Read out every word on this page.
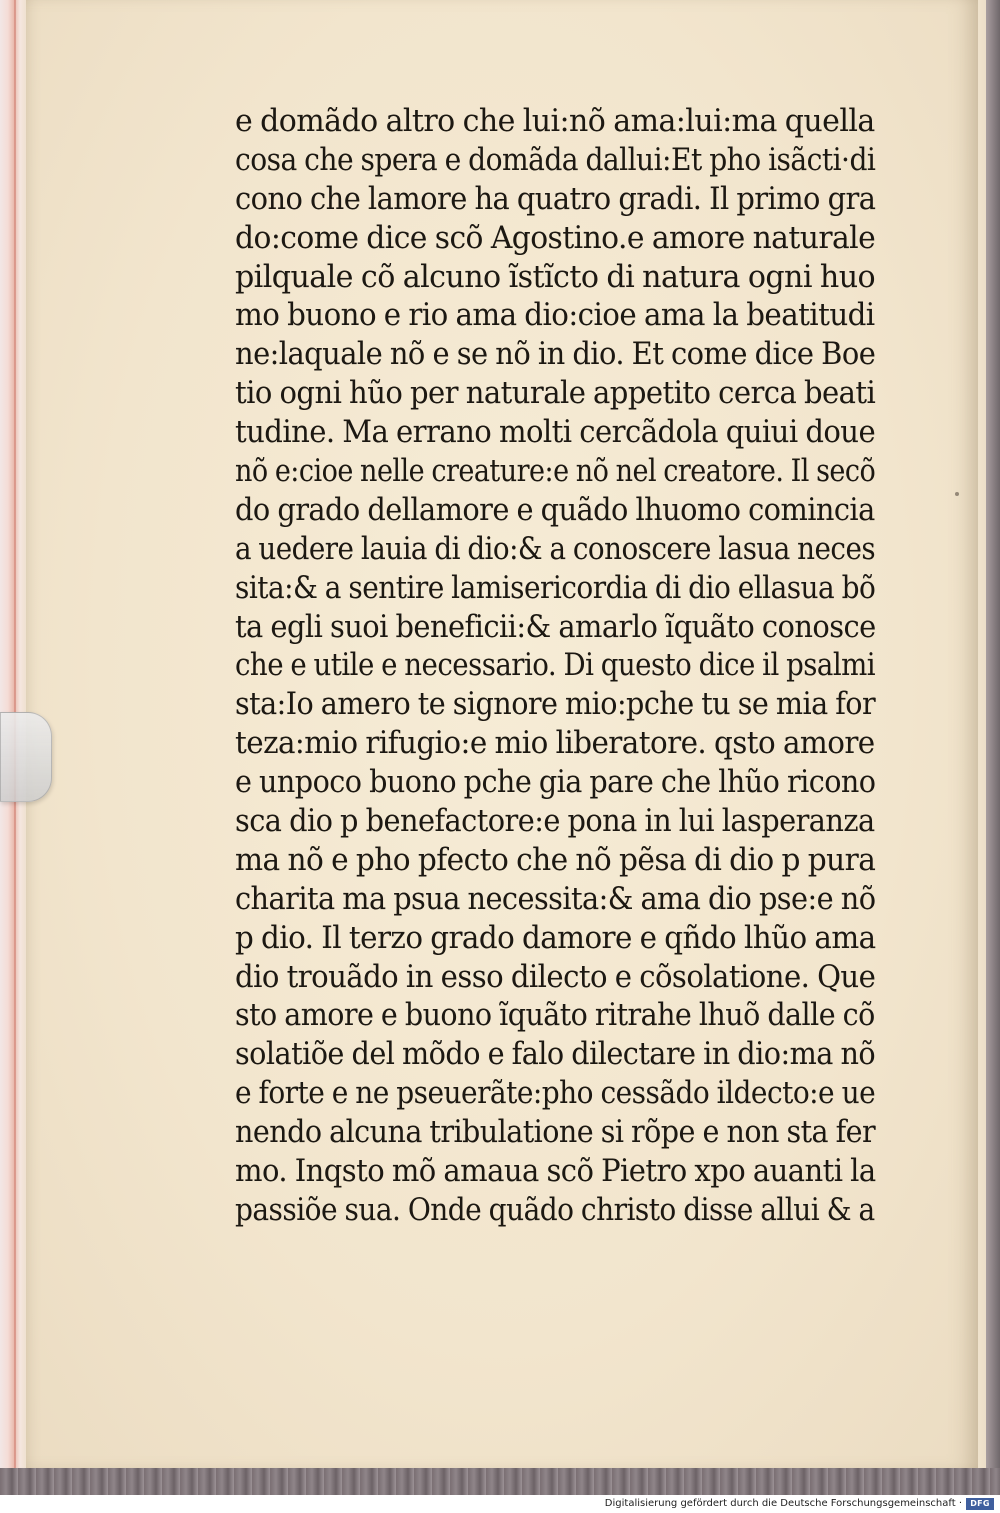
e domãdo altro che lui:nõ ama:lui:ma quella
cosa che spera e domãda dallui:Et pho isãcti·di
cono che lamore ha quatro gradi. Il primo gra
do:come dice scõ Agostino.e amore naturale
pilquale cõ alcuno ĩstĩcto di natura ogni huo
mo buono e rio ama dio:cioe ama la beatitudi
ne:laquale nõ e se nõ in dio. Et come dice Boe
tio ogni hũo per naturale appetito cerca beati
tudine. Ma errano molti cercãdola quiui doue
nõ e:cioe nelle creature:e nõ nel creatore. Il secõ
do grado dellamore e quãdo lhuomo comincia
a uedere lauia di dio:& a conoscere lasua neces
sita:& a sentire lamisericordia di dio ellasua bõ
ta egli suoi beneficii:& amarlo ĩquãto conosce
che e utile e necessario. Di questo dice il psalmi
sta:Io amero te signore mio:pche tu se mia for
teza:mio rifugio:e mio liberatore. qsto amore
e unpoco buono pche gia pare che lhũo ricono
sca dio p benefactore:e pona in lui lasperanza
ma nõ e pho pfecto che nõ pẽsa di dio p pura
charita ma psua necessita:& ama dio pse:e nõ
p dio. Il terzo grado damore e qñdo lhũo ama
dio trouãdo in esso dilecto e cõsolatione. Que
sto amore e buono ĩquãto ritrahe lhuõ dalle cõ
solatiõe del mõdo e falo dilectare in dio:ma nõ
e forte e ne pseuerãte:pho cessãdo ildecto:e ue
nendo alcuna tribulatione si rõpe e non sta fer
mo. Inqsto mõ amaua scõ Pietro xpo auanti la
passiõe sua. Onde quãdo christo disse allui & a
Digitalisierung gefördert durch die Deutsche Forschungsgemeinschaft ·	DFG
